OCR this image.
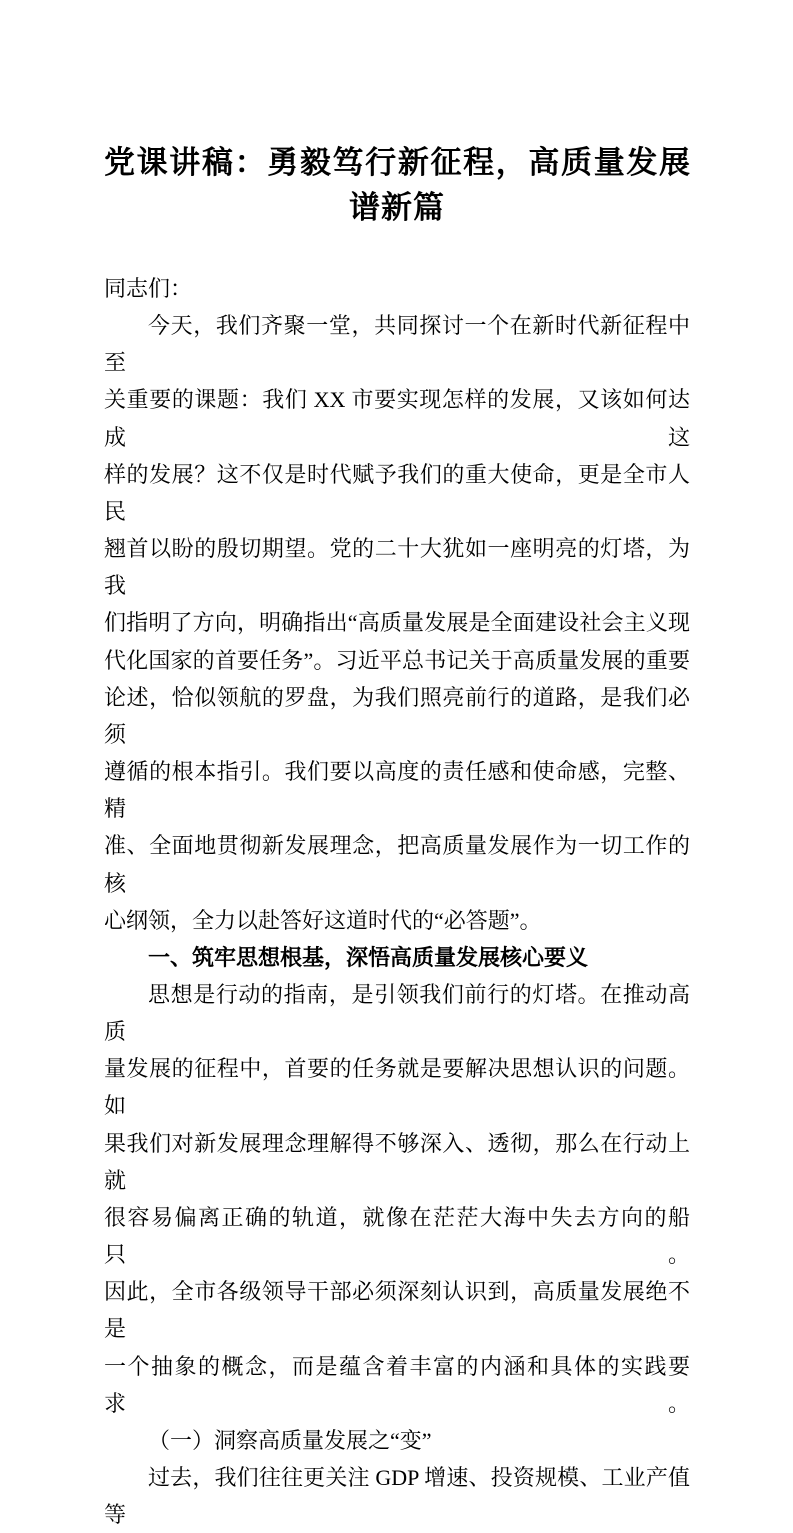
党课讲稿：勇毅笃行新征程，高质量发展
谱新篇
同志们：
今天，我们齐聚一堂，共同探讨一个在新时代新征程中至
关重要的课题：我们 XX 市要实现怎样的发展，又该如何达成这
样的发展？这不仅是时代赋予我们的重大使命，更是全市人民
翘首以盼的殷切期望。党的二十大犹如一座明亮的灯塔，为我
们指明了方向，明确指出“高质量发展是全面建设社会主义现
代化国家的首要任务”。习近平总书记关于高质量发展的重要
论述，恰似领航的罗盘，为我们照亮前行的道路，是我们必须
遵循的根本指引。我们要以高度的责任感和使命感，完整、精
准、全面地贯彻新发展理念，把高质量发展作为一切工作的核
心纲领，全力以赴答好这道时代的“必答题”。
一、筑牢思想根基，深悟高质量发展核心要义
思想是行动的指南，是引领我们前行的灯塔。在推动高质
量发展的征程中，首要的任务就是要解决思想认识的问题。如
果我们对新发展理念理解得不够深入、透彻，那么在行动上就
很容易偏离正确的轨道，就像在茫茫大海中失去方向的船只。
因此，全市各级领导干部必须深刻认识到，高质量发展绝不是
一个抽象的概念，而是蕴含着丰富的内涵和具体的实践要求。
（一）洞察高质量发展之“变”
过去，我们往往更关注 GDP 增速、投资规模、工业产值等
